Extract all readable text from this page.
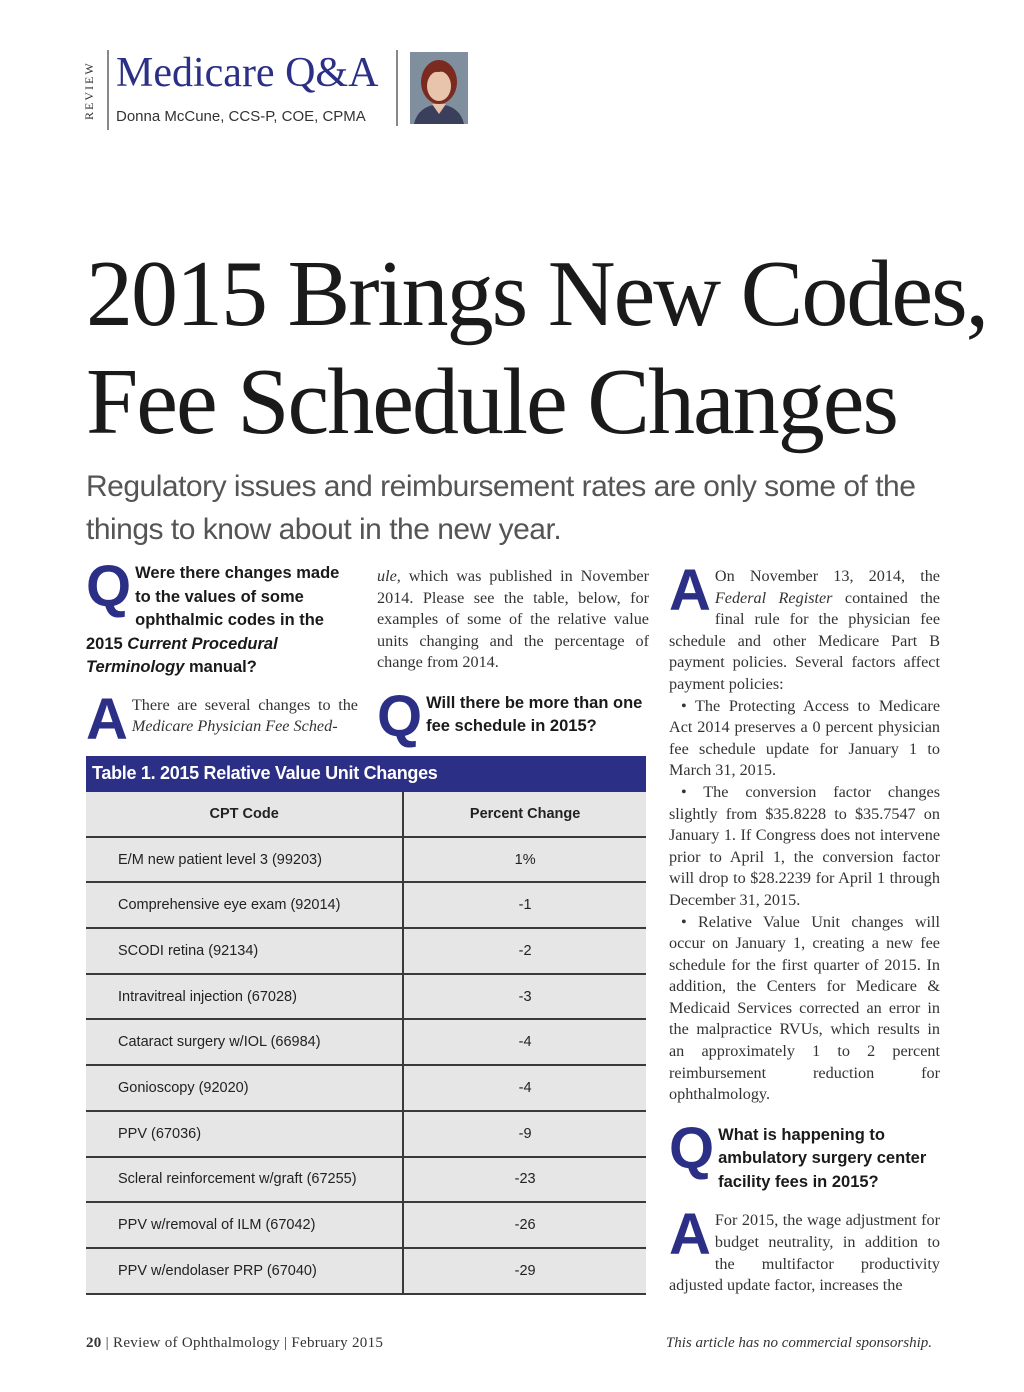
REVIEW Medicare Q&A
Donna McCune, CCS-P, COE, CPMA
2015 Brings New Codes,
Fee Schedule Changes
Regulatory issues and reimbursement rates are only some of the things to know about in the new year.
Q Were there changes made to the values of some ophthalmic codes in the 2015 Current Procedural Terminology manual?
A There are several changes to the Medicare Physician Fee Sched-
ule, which was published in November 2014. Please see the table, below, for examples of some of the relative value units changing and the percentage of change from 2014.
Q Will there be more than one fee schedule in 2015?
Table 1. 2015 Relative Value Unit Changes
CPT Code	Percent Change
E/M new patient level 3 (99203)	1%
Comprehensive eye exam (92014)	-1
SCODI retina (92134)	-2
Intravitreal injection (67028)	-3
Cataract surgery w/IOL (66984)	-4
Gonioscopy (92020)	-4
PPV (67036)	-9
Scleral reinforcement w/graft (67255)	-23
PPV w/removal of ILM (67042)	-26
PPV w/endolaser PRP (67040)	-29
A On November 13, 2014, the Federal Register contained the final rule for the physician fee schedule and other Medicare Part B payment policies. Several factors affect payment policies:
• The Protecting Access to Medicare Act 2014 preserves a 0 percent physician fee schedule update for January 1 to March 31, 2015.
• The conversion factor changes slightly from $35.8228 to $35.7547 on January 1. If Congress does not intervene prior to April 1, the conversion factor will drop to $28.2239 for April 1 through December 31, 2015.
• Relative Value Unit changes will occur on January 1, creating a new fee schedule for the first quarter of 2015. In addition, the Centers for Medicare & Medicaid Services corrected an error in the malpractice RVUs, which results in an approximately 1 to 2 percent reimbursement reduction for ophthalmology.
Q What is happening to ambulatory surgery center facility fees in 2015?
A For 2015, the wage adjustment for budget neutrality, in addition to the multifactor productivity adjusted update factor, increases the
20 | Review of Ophthalmology | February 2015	This article has no commercial sponsorship.
